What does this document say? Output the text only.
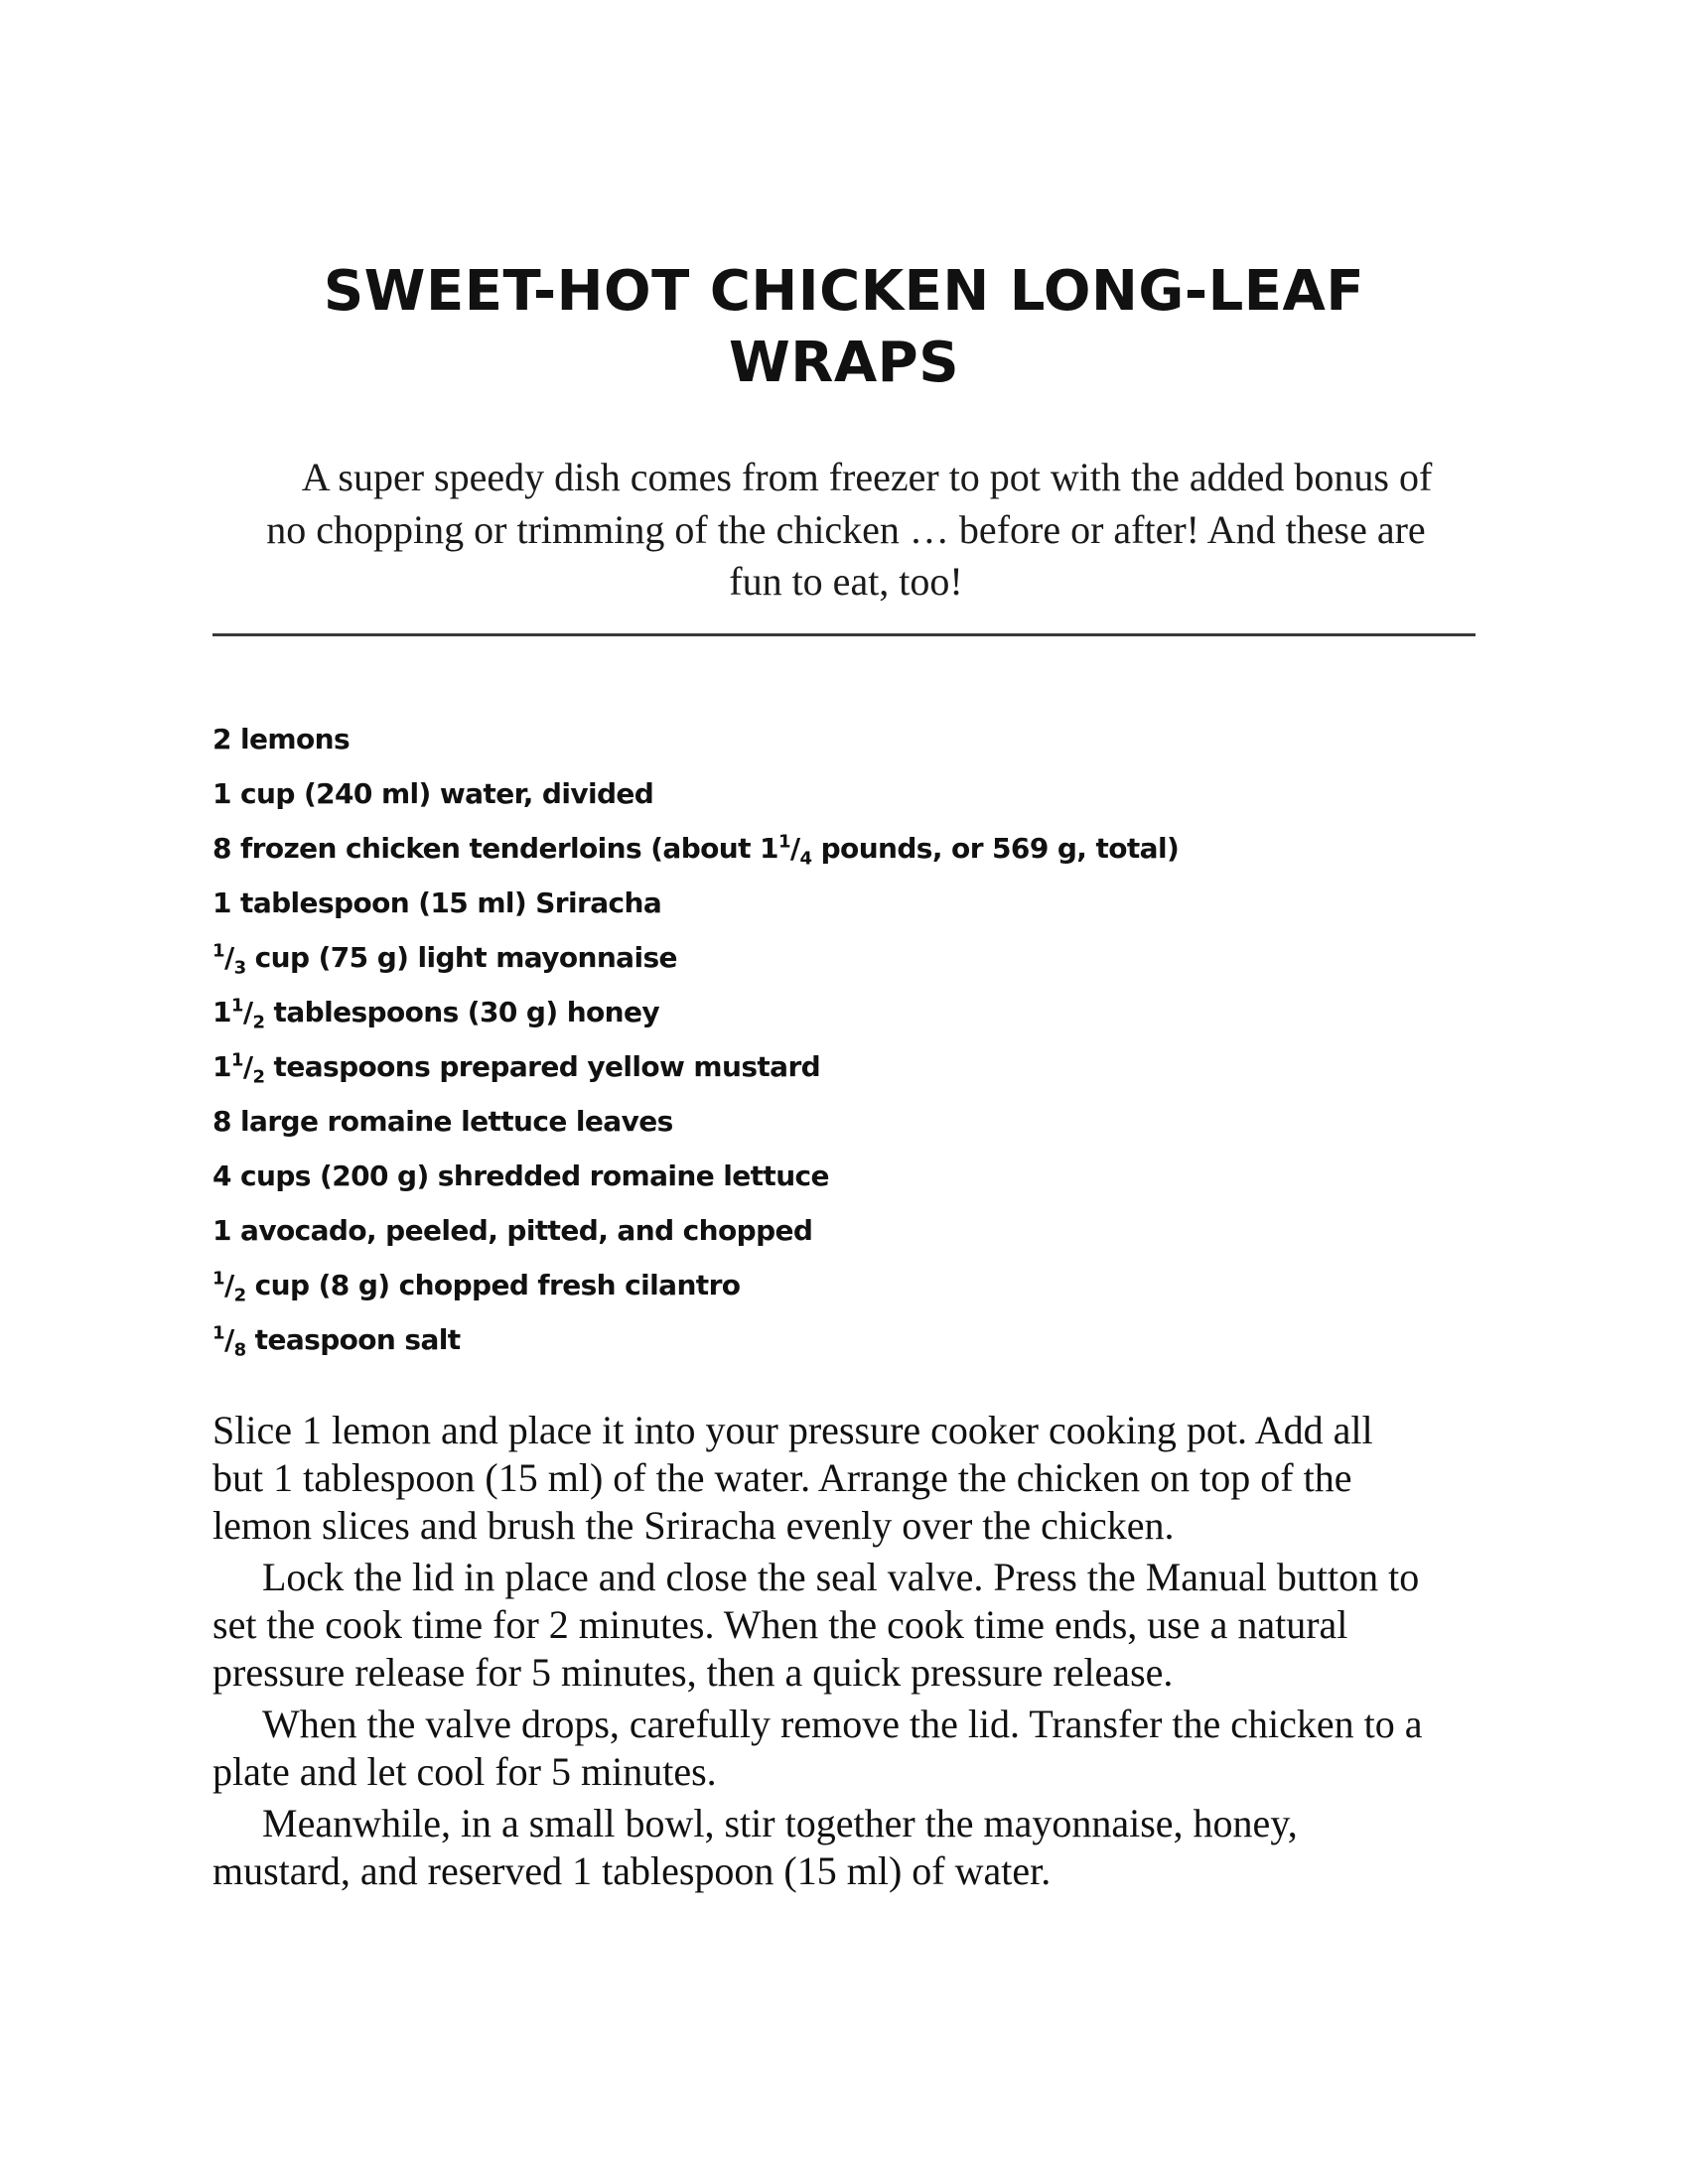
SWEET-HOT CHICKEN LONG-LEAF
WRAPS

A super speedy dish comes from freezer to pot with the added bonus of
no chopping or trimming of the chicken … before or after! And these are
fun to eat, too!

2 lemons
1 cup (240 ml) water, divided
8 frozen chicken tenderloins (about $1^1/_4$ pounds, or 569 g, total)
1 tablespoon (15 ml) Sriracha
$^1/_3$ cup (75 g) light mayonnaise
$1^1/_2$ tablespoons (30 g) honey
$1^1/_2$ teaspoons prepared yellow mustard
8 large romaine lettuce leaves
4 cups (200 g) shredded romaine lettuce
1 avocado, peeled, pitted, and chopped
$^1/_2$ cup (8 g) chopped fresh cilantro
$^1/_8$ teaspoon salt

Slice 1 lemon and place it into your pressure cooker cooking pot. Add all
but 1 tablespoon (15 ml) of the water. Arrange the chicken on top of the
lemon slices and brush the Sriracha evenly over the chicken.

Lock the lid in place and close the seal valve. Press the Manual button to
set the cook time for 2 minutes. When the cook time ends, use a natural
pressure release for 5 minutes, then a quick pressure release.

When the valve drops, carefully remove the lid. Transfer the chicken to a
plate and let cool for 5 minutes.

Meanwhile, in a small bowl, stir together the mayonnaise, honey,
mustard, and reserved 1 tablespoon (15 ml) of water.
